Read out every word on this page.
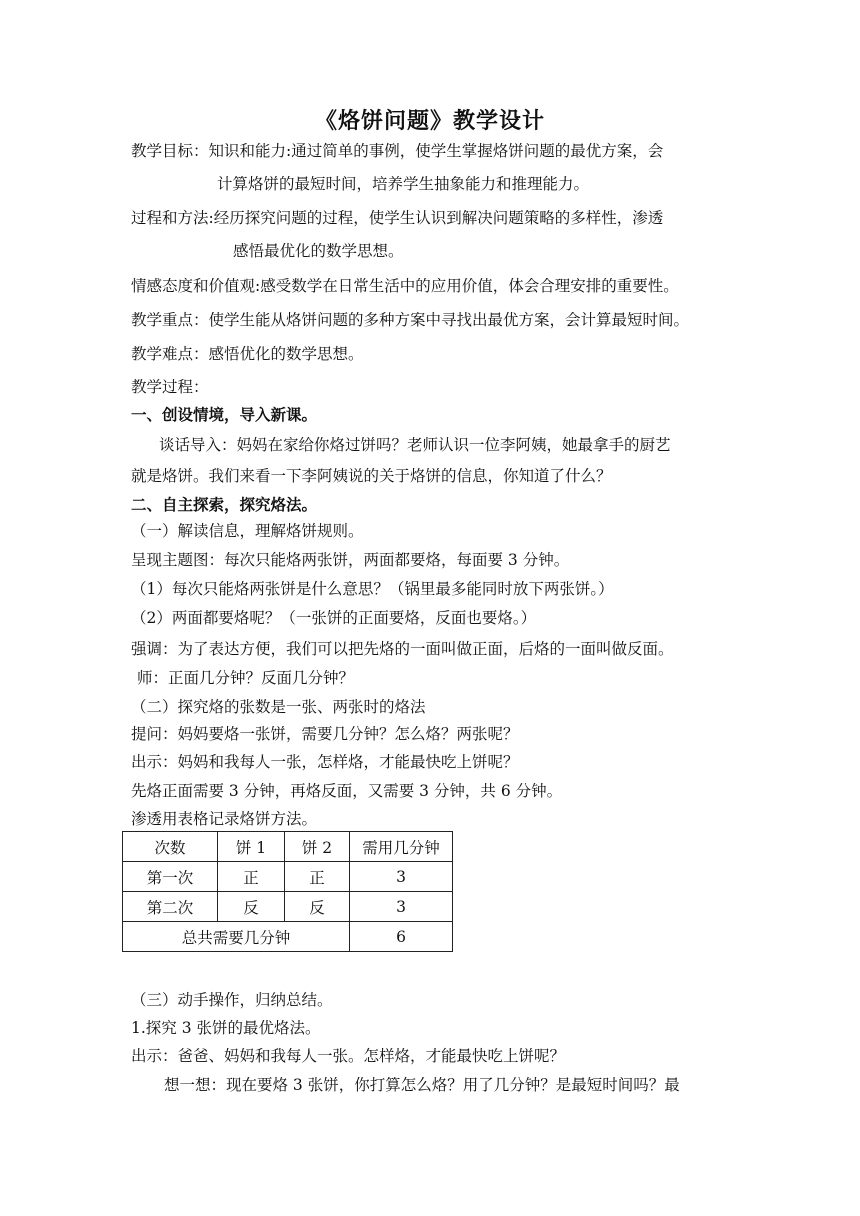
《烙饼问题》教学设计
教学目标：知识和能力:通过简单的事例，使学生掌握烙饼问题的最优方案，会
计算烙饼的最短时间，培养学生抽象能力和推理能力。
过程和方法:经历探究问题的过程，使学生认识到解决问题策略的多样性，渗透
感悟最优化的数学思想。
情感态度和价值观:感受数学在日常生活中的应用价值，体会合理安排的重要性。
教学重点：使学生能从烙饼问题的多种方案中寻找出最优方案，会计算最短时间。
教学难点：感悟优化的数学思想。
教学过程：
一、创设情境，导入新课。
谈话导入：妈妈在家给你烙过饼吗？老师认识一位李阿姨，她最拿手的厨艺
就是烙饼。我们来看一下李阿姨说的关于烙饼的信息，你知道了什么？
二、自主探索，探究烙法。
（一）解读信息，理解烙饼规则。
呈现主题图：每次只能烙两张饼，两面都要烙，每面要 3 分钟。
（1）每次只能烙两张饼是什么意思？（锅里最多能同时放下两张饼。）
（2）两面都要烙呢？（一张饼的正面要烙，反面也要烙。）
强调：为了表达方便，我们可以把先烙的一面叫做正面，后烙的一面叫做反面。
师：正面几分钟？反面几分钟？
（二）探究烙的张数是一张、两张时的烙法
提问：妈妈要烙一张饼，需要几分钟？怎么烙？两张呢？
出示：妈妈和我每人一张，怎样烙，才能最快吃上饼呢？
先烙正面需要 3 分钟，再烙反面，又需要 3 分钟，共 6 分钟。
渗透用表格记录烙饼方法。
次数	饼 1	饼 2	需用几分钟
第一次	正	正	3
第二次	反	反	3
总共需要几分钟			6
（三）动手操作，归纳总结。
1.探究 3 张饼的最优烙法。
出示：爸爸、妈妈和我每人一张。怎样烙，才能最快吃上饼呢？
想一想：现在要烙 3 张饼，你打算怎么烙？用了几分钟？是最短时间吗？最
